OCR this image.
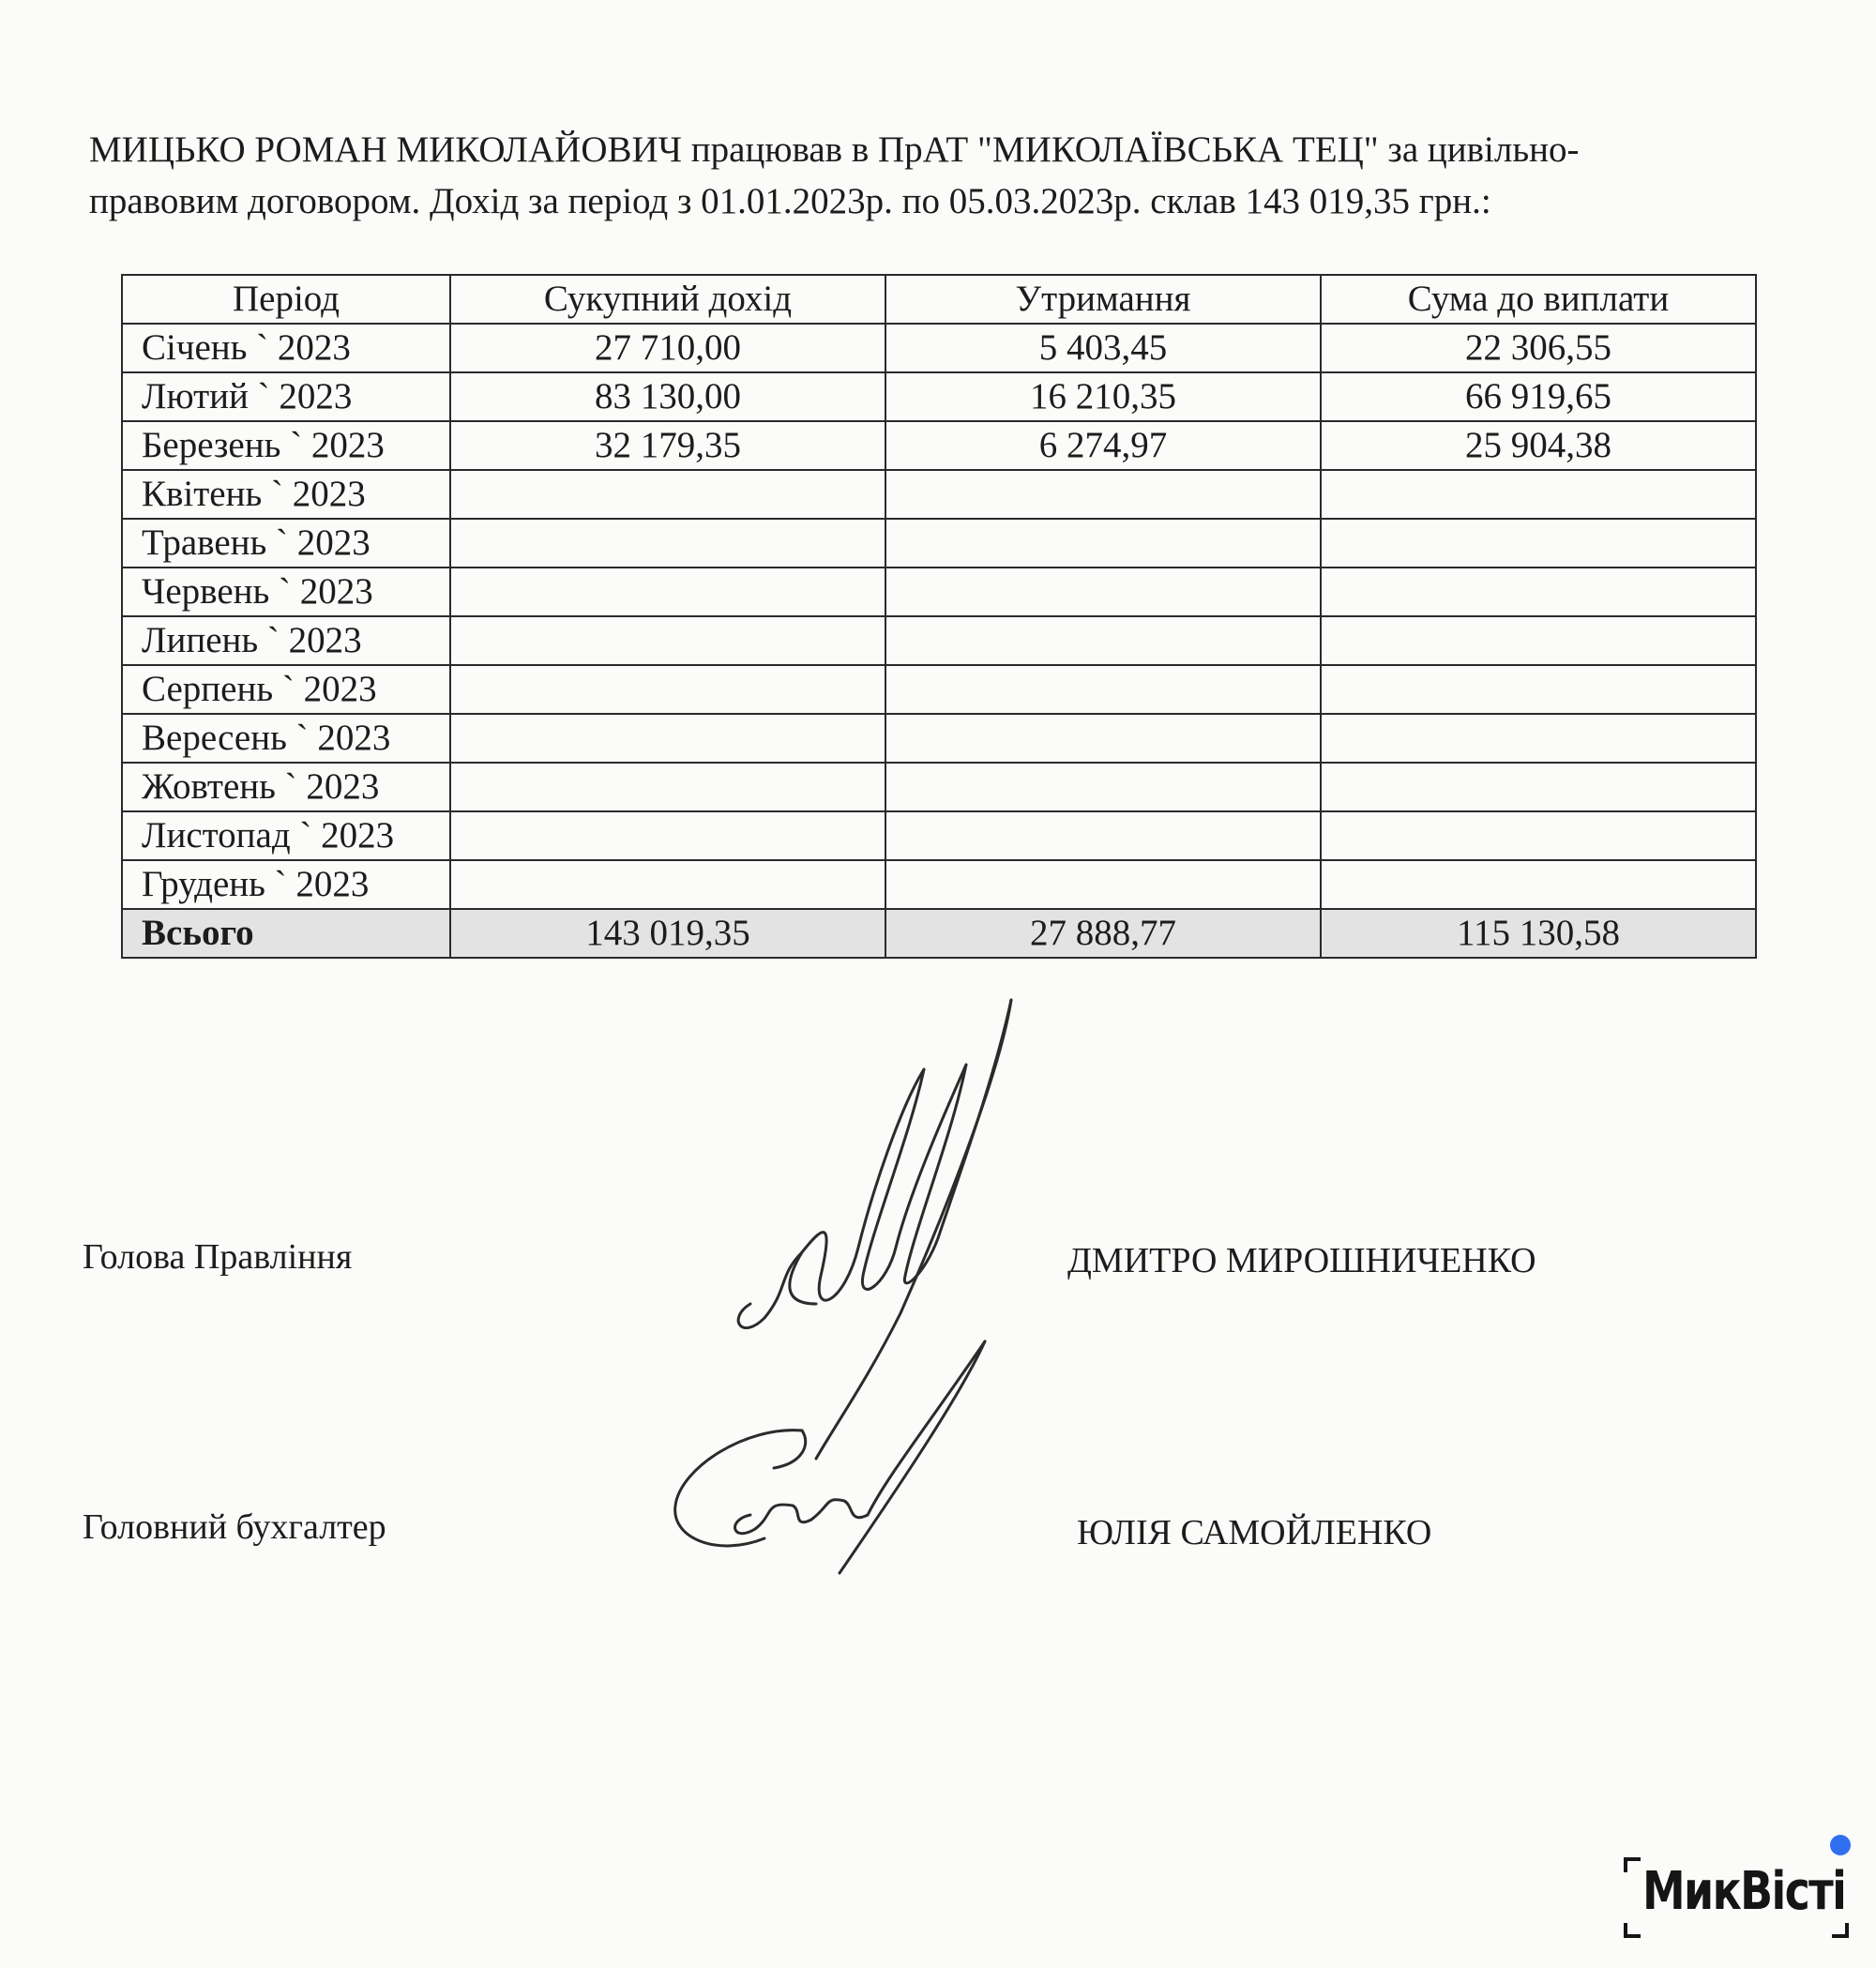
МИЦЬКО РОМАН МИКОЛАЙОВИЧ працював в ПрАТ "МИКОЛАЇВСЬКА ТЕЦ" за цивільно-
правовим договором. Дохід за період з 01.01.2023р. по 05.03.2023р. склав 143 019,35 грн.:

Період	Сукупний дохід	Утримання	Сума до виплати
Січень ` 2023	27 710,00	5 403,45	22 306,55
Лютий ` 2023	83 130,00	16 210,35	66 919,65
Березень ` 2023	32 179,35	6 274,97	25 904,38
Квітень ` 2023			
Травень ` 2023			
Червень ` 2023			
Липень ` 2023			
Серпень ` 2023			
Вересень ` 2023			
Жовтень ` 2023			
Листопад ` 2023			
Грудень ` 2023			
Всього	143 019,35	27 888,77	115 130,58
Голова Правління	ДМИТРО МИРОШНИЧЕНКО
Головний бухгалтер	ЮЛІЯ САМОЙЛЕНКО
МикВісті
